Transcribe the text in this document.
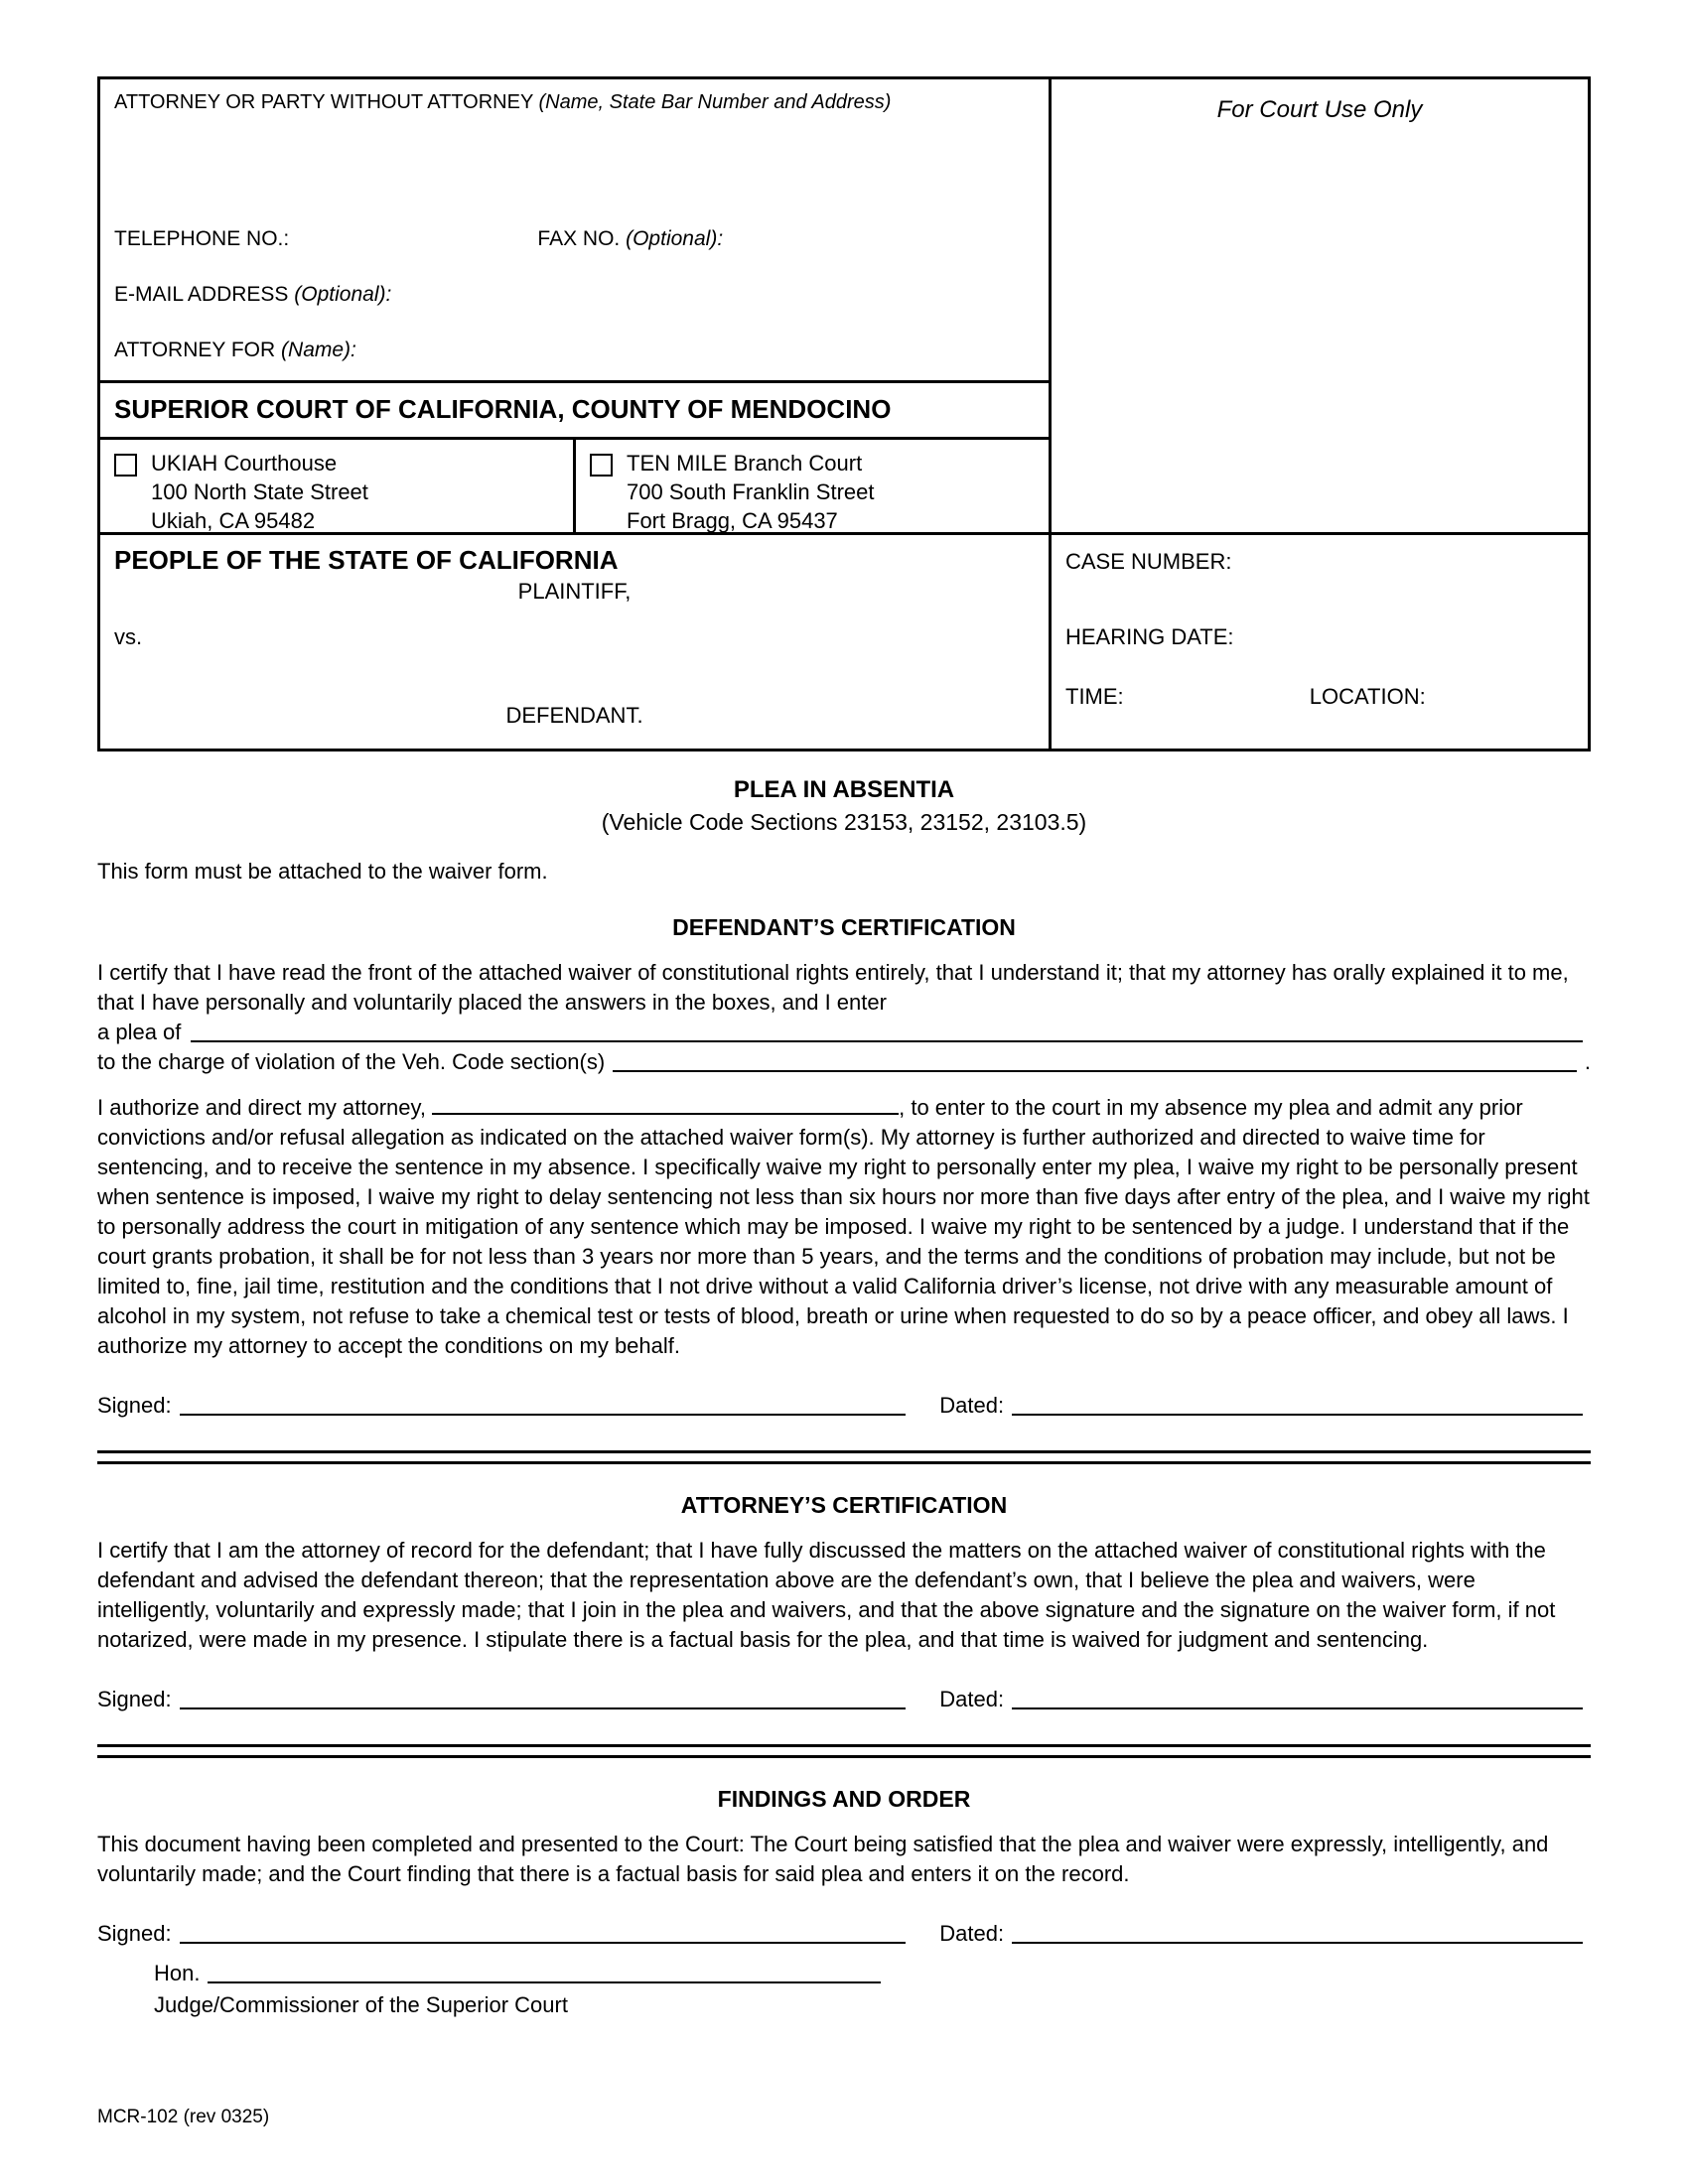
ATTORNEY OR PARTY WITHOUT ATTORNEY (Name, State Bar Number and Address)
TELEPHONE NO.:	FAX NO. (Optional):
E-MAIL ADDRESS (Optional):
ATTORNEY FOR (Name):
For Court Use Only
SUPERIOR COURT OF CALIFORNIA, COUNTY OF MENDOCINO
UKIAH Courthouse
100 North State Street
Ukiah, CA 95482
TEN MILE Branch Court
700 South Franklin Street
Fort Bragg, CA 95437
PEOPLE OF THE STATE OF CALIFORNIA
PLAINTIFF,
vs.
DEFENDANT.
CASE NUMBER:
HEARING DATE:
TIME:	LOCATION:
PLEA IN ABSENTIA
(Vehicle Code Sections 23153, 23152, 23103.5)
This form must be attached to the waiver form.
DEFENDANT’S CERTIFICATION
I certify that I have read the front of the attached waiver of constitutional rights entirely, that I understand it; that my attorney has orally explained it to me, that I have personally and voluntarily placed the answers in the boxes, and I enter
a plea of
to the charge of violation of the Veh. Code section(s)	.
I authorize and direct my attorney,	, to enter to the court in my absence my plea and admit any prior convictions and/or refusal allegation as indicated on the attached waiver form(s). My attorney is further authorized and directed to waive time for sentencing, and to receive the sentence in my absence. I specifically waive my right to personally enter my plea, I waive my right to be personally present when sentence is imposed, I waive my right to delay sentencing not less than six hours nor more than five days after entry of the plea, and I waive my right to personally address the court in mitigation of any sentence which may be imposed. I waive my right to be sentenced by a judge. I understand that if the court grants probation, it shall be for not less than 3 years nor more than 5 years, and the terms and the conditions of probation may include, but not be limited to, fine, jail time, restitution and the conditions that I not drive without a valid California driver’s license, not drive with any measurable amount of alcohol in my system, not refuse to take a chemical test or tests of blood, breath or urine when requested to do so by a peace officer, and obey all laws. I authorize my attorney to accept the conditions on my behalf.
Signed:	Dated:
ATTORNEY’S CERTIFICATION
I certify that I am the attorney of record for the defendant; that I have fully discussed the matters on the attached waiver of constitutional rights with the defendant and advised the defendant thereon; that the representation above are the defendant’s own, that I believe the plea and waivers, were intelligently, voluntarily and expressly made; that I join in the plea and waivers, and that the above signature and the signature on the waiver form, if not notarized, were made in my presence. I stipulate there is a factual basis for the plea, and that time is waived for judgment and sentencing.
Signed:	Dated:
FINDINGS AND ORDER
This document having been completed and presented to the Court: The Court being satisfied that the plea and waiver were expressly, intelligently, and voluntarily made; and the Court finding that there is a factual basis for said plea and enters it on the record.
Signed:	Dated:
Hon.
Judge/Commissioner of the Superior Court
MCR-102 (rev 0325)
